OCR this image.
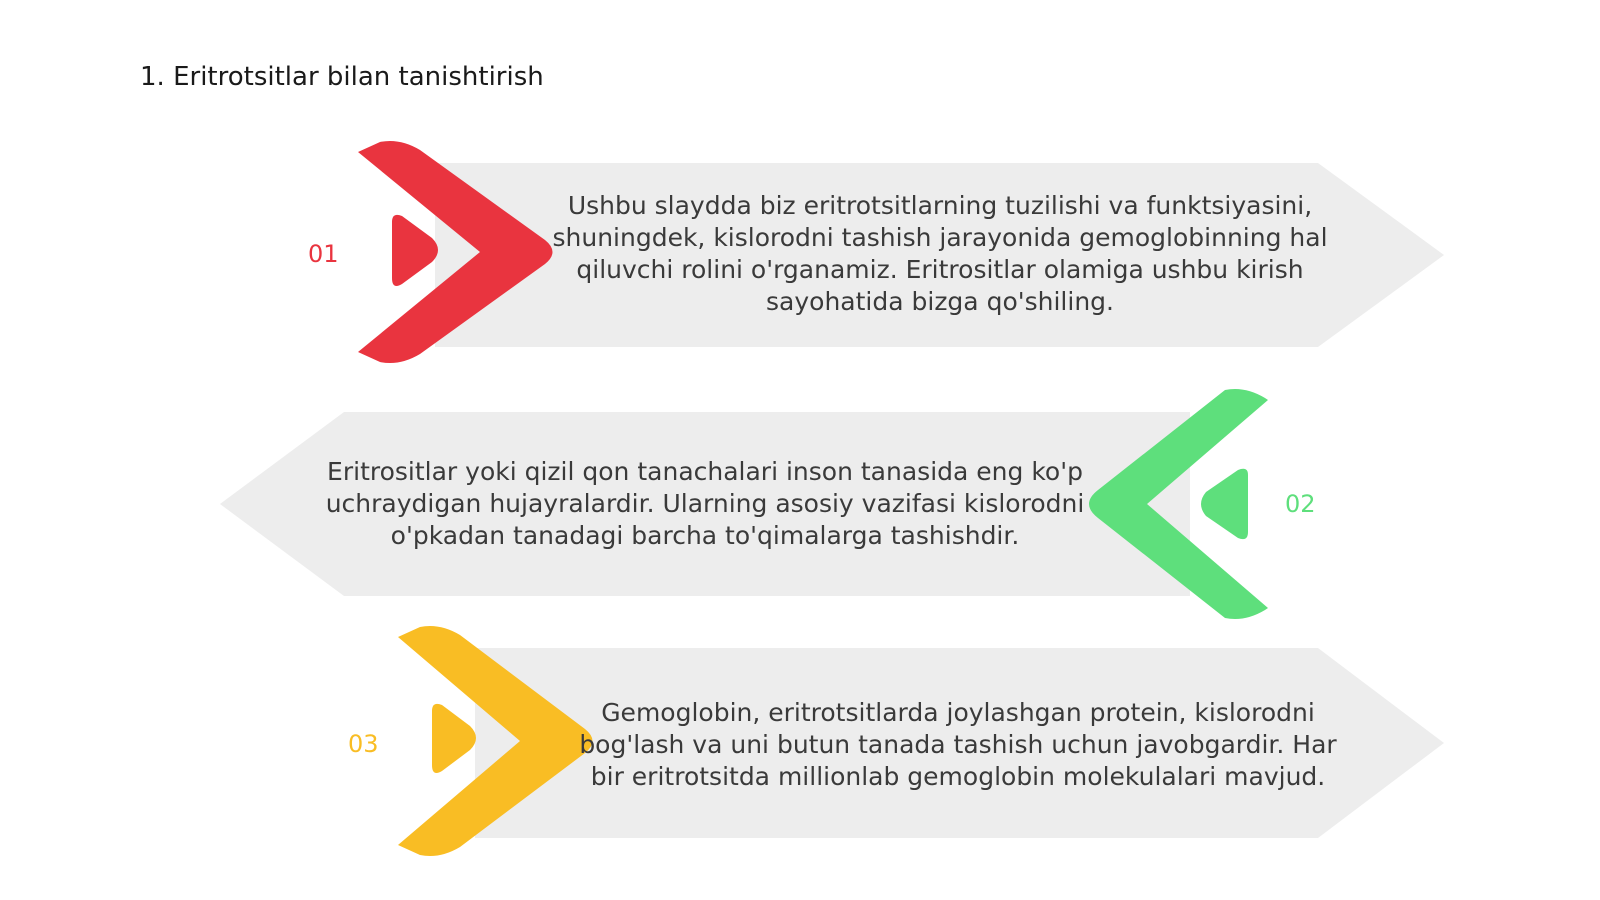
1. Eritrotsitlar bilan tanishtirish
01
02
03
Ushbu slaydda biz eritrotsitlarning tuzilishi va funktsiyasini, shuningdek, kislorodni tashish jarayonida gemoglobinning hal qiluvchi rolini o'rganamiz. Eritrositlar olamiga ushbu kirish sayohatida bizga qo'shiling.
Eritrositlar yoki qizil qon tanachalari inson tanasida eng ko'p uchraydigan hujayralardir. Ularning asosiy vazifasi kislorodni o'pkadan tanadagi barcha to'qimalarga tashishdir.
Gemoglobin, eritrotsitlarda joylashgan protein, kislorodni bog'lash va uni butun tanada tashish uchun javobgardir. Har bir eritrotsitda millionlab gemoglobin molekulalari mavjud.
